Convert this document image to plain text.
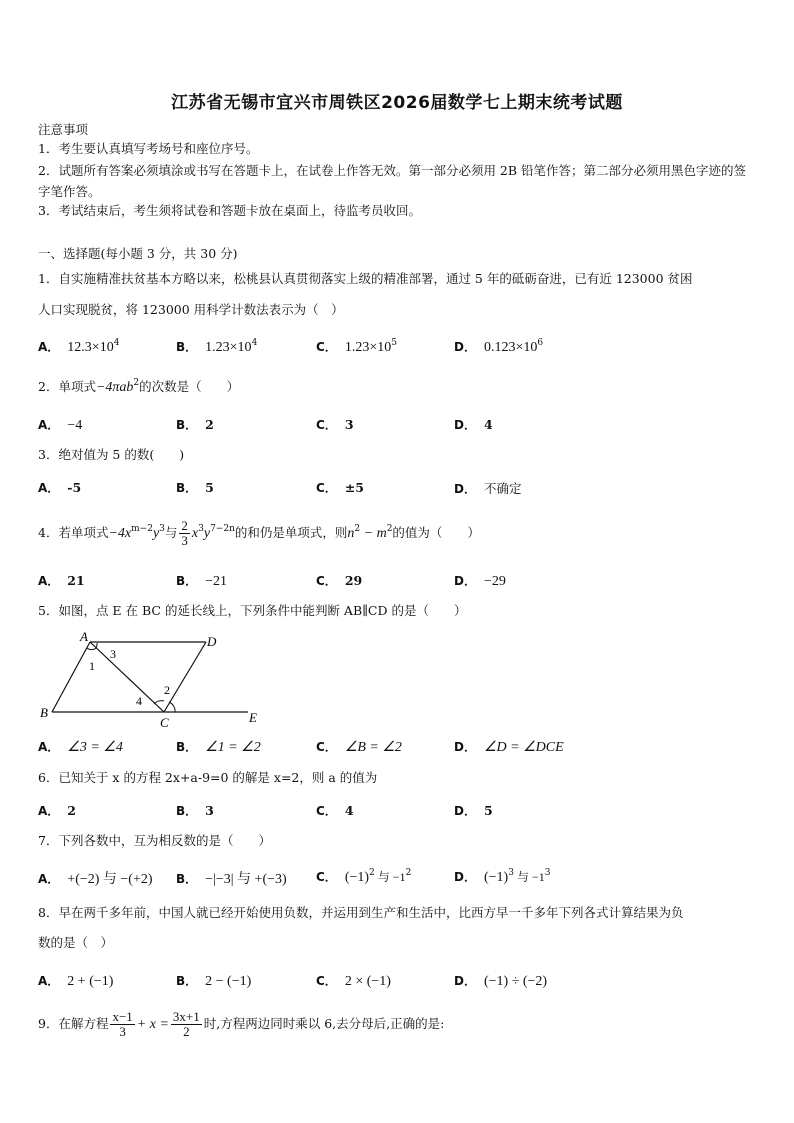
江苏省无锡市宜兴市周铁区2026届数学七上期末统考试题
注意事项
1．考生要认真填写考场号和座位序号。
2．试题所有答案必须填涂或书写在答题卡上，在试卷上作答无效。第一部分必须用 2B 铅笔作答；第二部分必须用黑色字迹的签字笔作答。
3．考试结束后，考生须将试卷和答题卡放在桌面上，待监考员收回。
一、选择题(每小题 3 分，共 30 分)
1．自实施精准扶贫基本方略以来，松桃县认真贯彻落实上级的精准部署，通过 5 年的砥砺奋进，已有近 123000 贫困
人口实现脱贫，将 123000 用科学计数法表示为（　）
A． $12.3\times 10^4$	B． $1.23\times 10^4$	C． $1.23\times 10^5$	D． $0.123\times 10^6$
2．单项式−4πab$^2$的次数是（　　）
A． −4	B． 2	C． 3	D． 4
3．绝对值为 5 的数(　　)
A． -5	B． 5	C． ±5	D． 不确定
4．若单项式$-4x^{m-2}y^3$与 $\frac{2}{3} x^3y^{7-2n}$的和仍是单项式，则$n^2 - m^2$的值为（　　）
A． 21	B． −21	C． 29	D． −29
5．如图，点 E 在 BC 的延长线上，下列条件中能判断 AB∥CD 的是（　　）
A
B
C
D
E
1
2
3
4
A． ∠3 = ∠4	B． ∠1 = ∠2	C． ∠B = ∠2	D． ∠D = ∠DCE
6．已知关于 x 的方程 2x+a-9=0 的解是 x=2，则 a 的值为
A． 2	B． 3	C． 4	D． 5
7．下列各数中，互为相反数的是（　　）
A． +(−2) 与 −(+2) B． −|−3| 与 +(−3) C． $(-1)^2$ 与 $-1^2$	D． $(-1)^3$ 与 $-1^3$
8．早在两千多年前，中国人就已经开始使用负数，并运用到生产和生活中，比西方早一千多年下列各式计算结果为负
数的是（　）
A． 2 + (−1)	B． 2 − (−1)	C． 2 × (−1)	D． (−1) ÷ (−2)
9．在解方程 $\frac{x-1}{3} + x = \frac{3x+1}{2}$ 时,方程两边同时乘以 6,去分母后,正确的是:
